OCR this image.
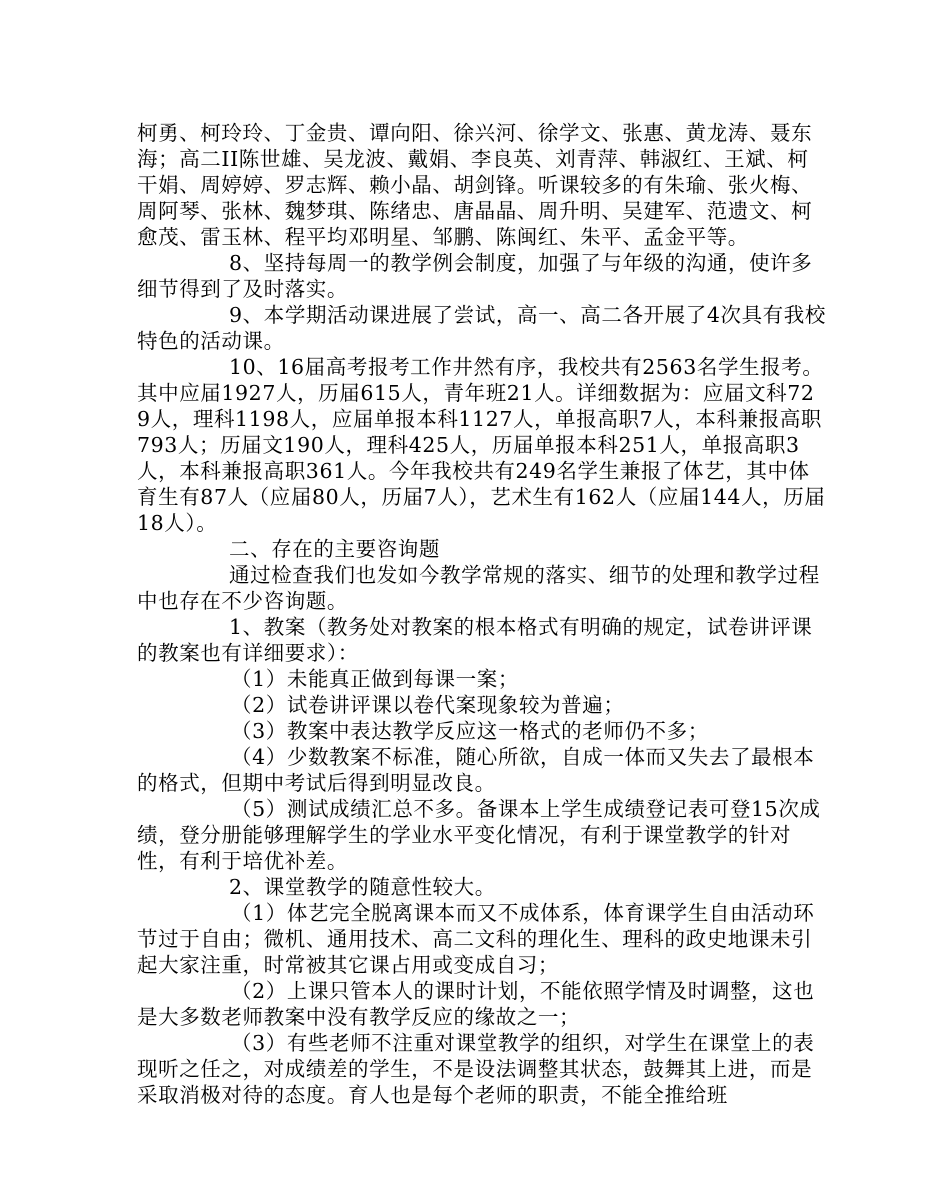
柯勇、柯玲玲、丁金贵、谭向阳、徐兴河、徐学文、张惠、黄龙涛、聂东海；高二II陈世雄、吴龙波、戴娟、李良英、刘青萍、韩淑红、王斌、柯干娟、周婷婷、罗志辉、赖小晶、胡剑锋。听课较多的有朱瑜、张火梅、周阿琴、张林、魏梦琪、陈绪忠、唐晶晶、周升明、吴建军、范遗文、柯愈茂、雷玉林、程平均邓明星、邹鹏、陈闽红、朱平、孟金平等。

8、坚持每周一的教学例会制度，加强了与年级的沟通，使许多细节得到了及时落实。

9、本学期活动课进展了尝试，高一、高二各开展了4次具有我校特色的活动课。

10、16届高考报考工作井然有序，我校共有2563名学生报考。其中应届1927人，历届615人，青年班21人。详细数据为：应届文科729人，理科1198人，应届单报本科1127人，单报高职7人，本科兼报高职793人；历届文190人，理科425人，历届单报本科251人，单报高职3人，本科兼报高职361人。今年我校共有249名学生兼报了体艺，其中体育生有87人（应届80人，历届7人），艺术生有162人（应届144人，历届18人）。

二、存在的主要咨询题

通过检查我们也发如今教学常规的落实、细节的处理和教学过程中也存在不少咨询题。

1、教案（教务处对教案的根本格式有明确的规定，试卷讲评课的教案也有详细要求）：

（1）未能真正做到每课一案；

（2）试卷讲评课以卷代案现象较为普遍；

（3）教案中表达教学反应这一格式的老师仍不多；

（4）少数教案不标准，随心所欲，自成一体而又失去了最根本的格式，但期中考试后得到明显改良。

（5）测试成绩汇总不多。备课本上学生成绩登记表可登15次成绩，登分册能够理解学生的学业水平变化情况，有利于课堂教学的针对性，有利于培优补差。

2、课堂教学的随意性较大。

（1）体艺完全脱离课本而又不成体系，体育课学生自由活动环节过于自由；微机、通用技术、高二文科的理化生、理科的政史地课未引起大家注重，时常被其它课占用或变成自习；

（2）上课只管本人的课时计划，不能依照学情及时调整，这也是大多数老师教案中没有教学反应的缘故之一；

（3）有些老师不注重对课堂教学的组织，对学生在课堂上的表现听之任之，对成绩差的学生，不是设法调整其状态，鼓舞其上进，而是采取消极对待的态度。育人也是每个老师的职责，不能全推给班
